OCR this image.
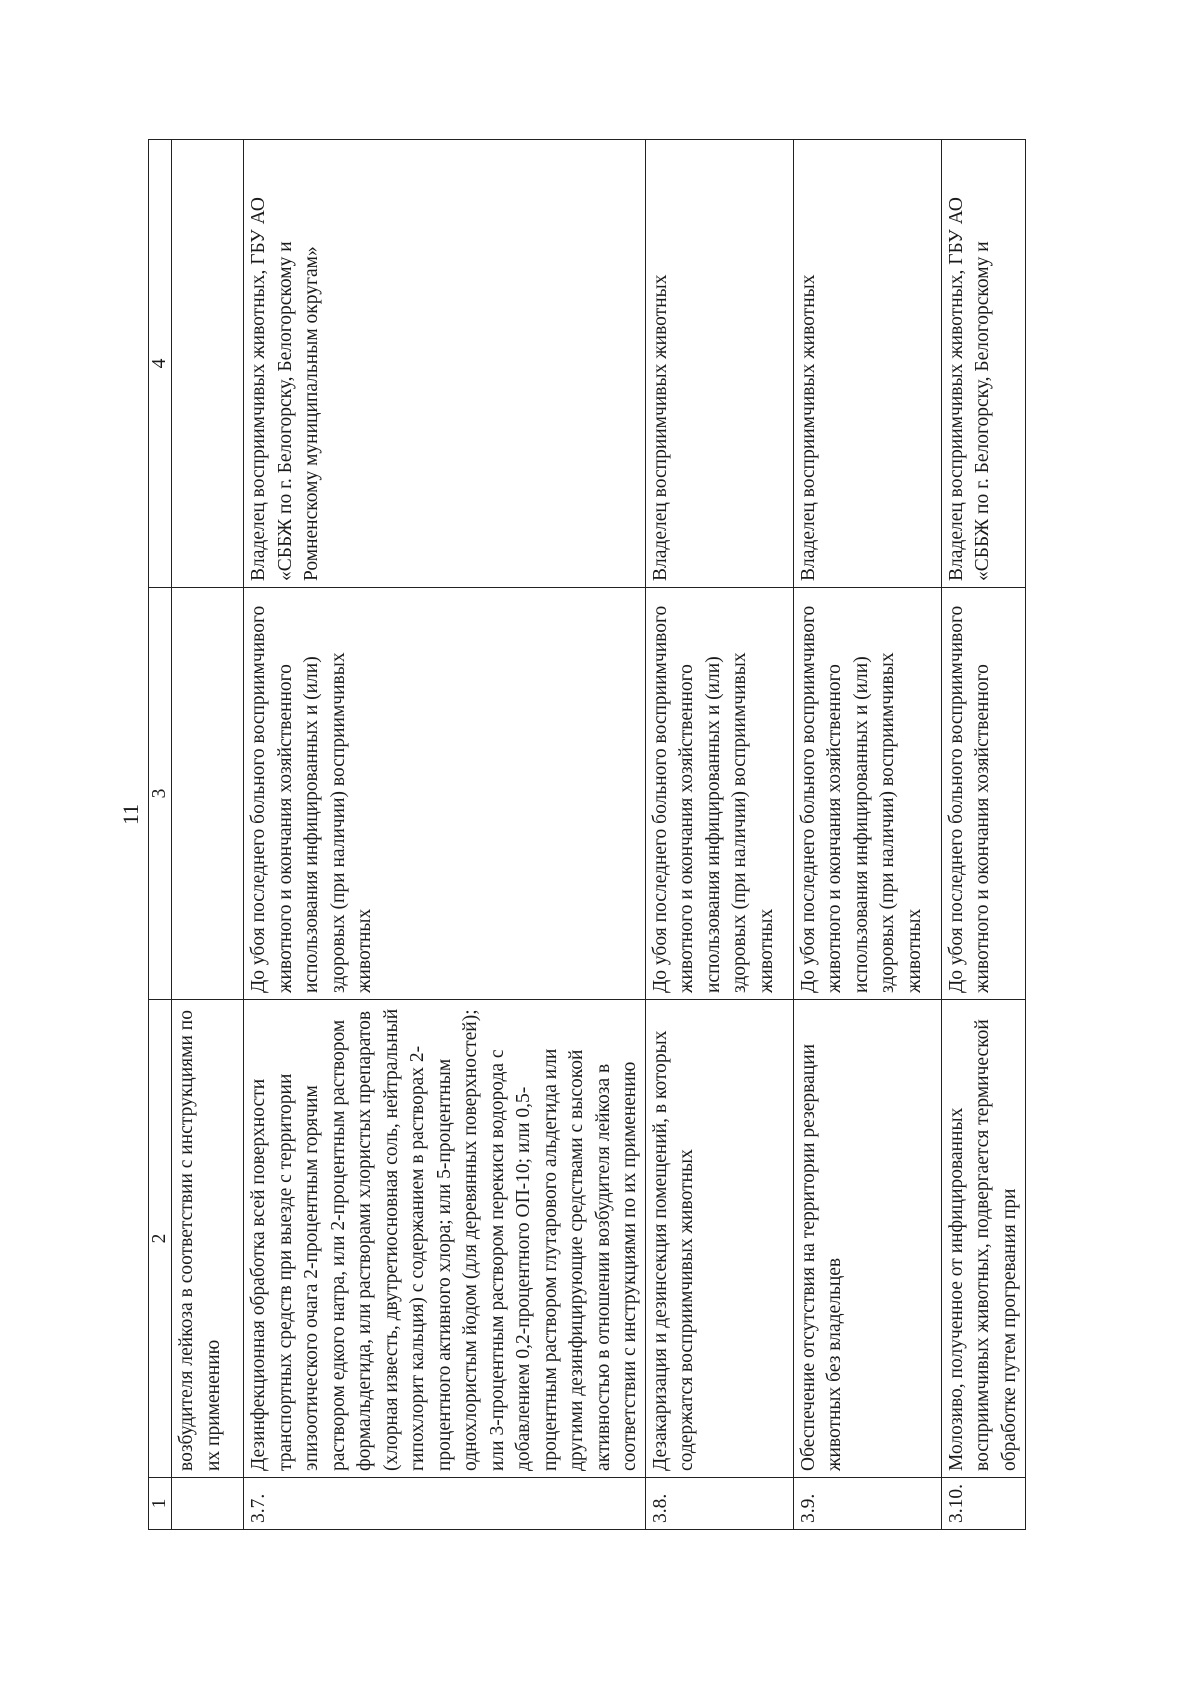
11
1	2	3	4
	возбудителя лейкоза в соответствии с инструкциями по их применению		
3.7.	Дезинфекционная обработка всей поверхности транспортных средств при выезде с территории эпизоотического очага 2-процентным горячим раствором едкого натра, или 2-процентным раствором формальдегида, или растворами хлористых препаратов (хлорная известь, двутретиосновная соль, нейтральный гипохлорит кальция) с содержанием в растворах 2-процентного активного хлора; или 5-процентным однохлористым йодом (для деревянных поверхностей); или 3-процентным раствором перекиси водорода с добавлением 0,2-процентного ОП-10; или 0,5-процентным раствором глутарового альдегида или другими дезинфицирующие средствами с высокой активностью в отношении возбудителя лейкоза в соответствии с инструкциями по их применению	До убоя последнего больного восприимчивого животного и окончания хозяйственного использования инфицированных и (или) здоровых (при наличии) восприимчивых животных	Владелец восприимчивых животных, ГБУ АО «СББЖ по г. Белогорску, Белогорскому и Ромненскому муниципальным округам»
3.8.	Дезакаризация и дезинсекция помещений, в которых содержатся восприимчивых животных	До убоя последнего больного восприимчивого животного и окончания хозяйственного использования инфицированных и (или) здоровых (при наличии) восприимчивых животных	Владелец восприимчивых животных
3.9.	Обеспечение отсутствия на территории резервации животных без владельцев	До убоя последнего больного восприимчивого животного и окончания хозяйственного использования инфицированных и (или) здоровых (при наличии) восприимчивых животных	Владелец восприимчивых животных
3.10.	Молозиво, полученное от инфицированных восприимчивых животных, подвергается термической обработке путем прогревания при	До убоя последнего больного восприимчивого животного и окончания хозяйственного	Владелец восприимчивых животных, ГБУ АО «СББЖ по г. Белогорску, Белогорскому и
